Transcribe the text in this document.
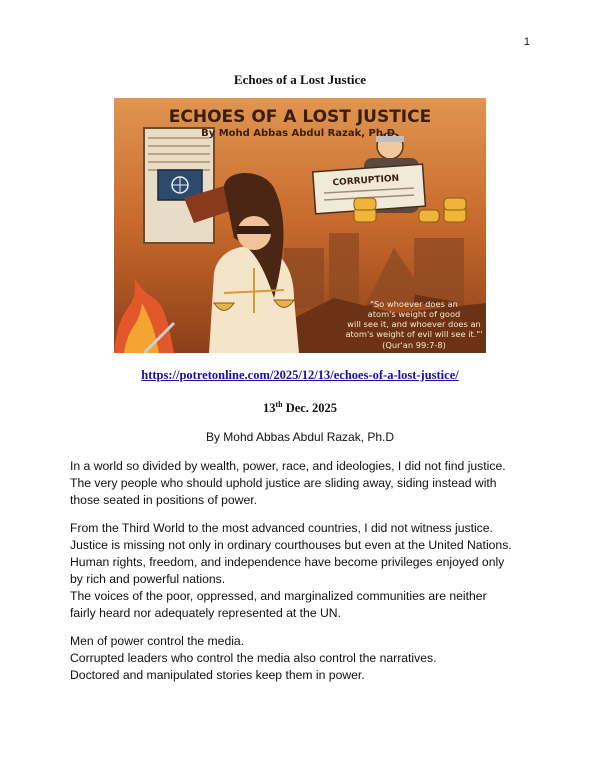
1
Echoes of a Lost Justice
ECHOES OF A LOST JUSTICE
By Mohd Abbas Abdul Razak, Ph.D.
CORRUPTION
"So whoever does an
atom's weight of good
will see it, and whoever does an
atom's weight of evil will see it."'
(Qur'an 99:7-8)
https://potretonline.com/2025/12/13/echoes-of-a-lost-justice/
13th Dec. 2025
By Mohd Abbas Abdul Razak, Ph.D

In a world so divided by wealth, power, race, and ideologies, I did not find justice.
The very people who should uphold justice are sliding away, siding instead with
those seated in positions of power.

From the Third World to the most advanced countries, I did not witness justice.
Justice is missing not only in ordinary courthouses but even at the United Nations.
Human rights, freedom, and independence have become privileges enjoyed only
by rich and powerful nations.
The voices of the poor, oppressed, and marginalized communities are neither
fairly heard nor adequately represented at the UN.

Men of power control the media.
Corrupted leaders who control the media also control the narratives.
Doctored and manipulated stories keep them in power.
